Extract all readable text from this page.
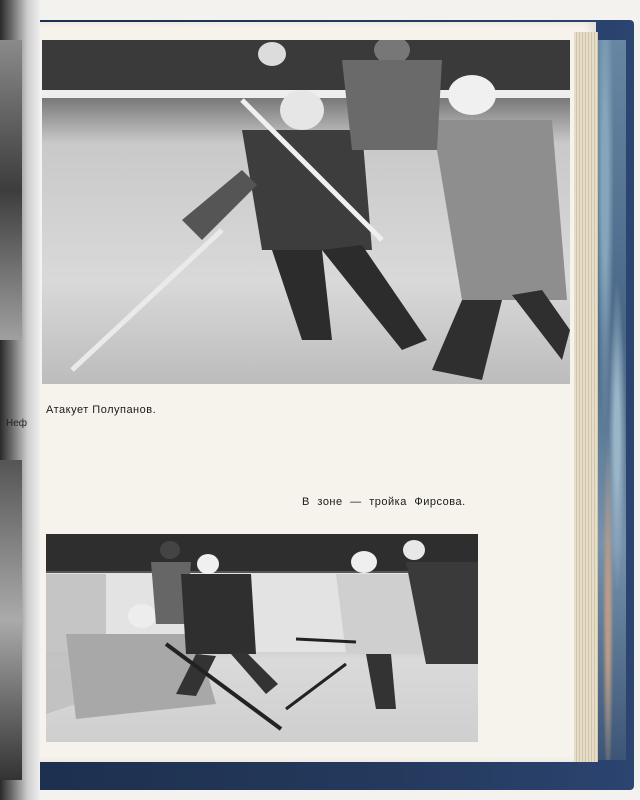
Неф
Атакует Полупанов.
В зоне — тройка Фирсова.
